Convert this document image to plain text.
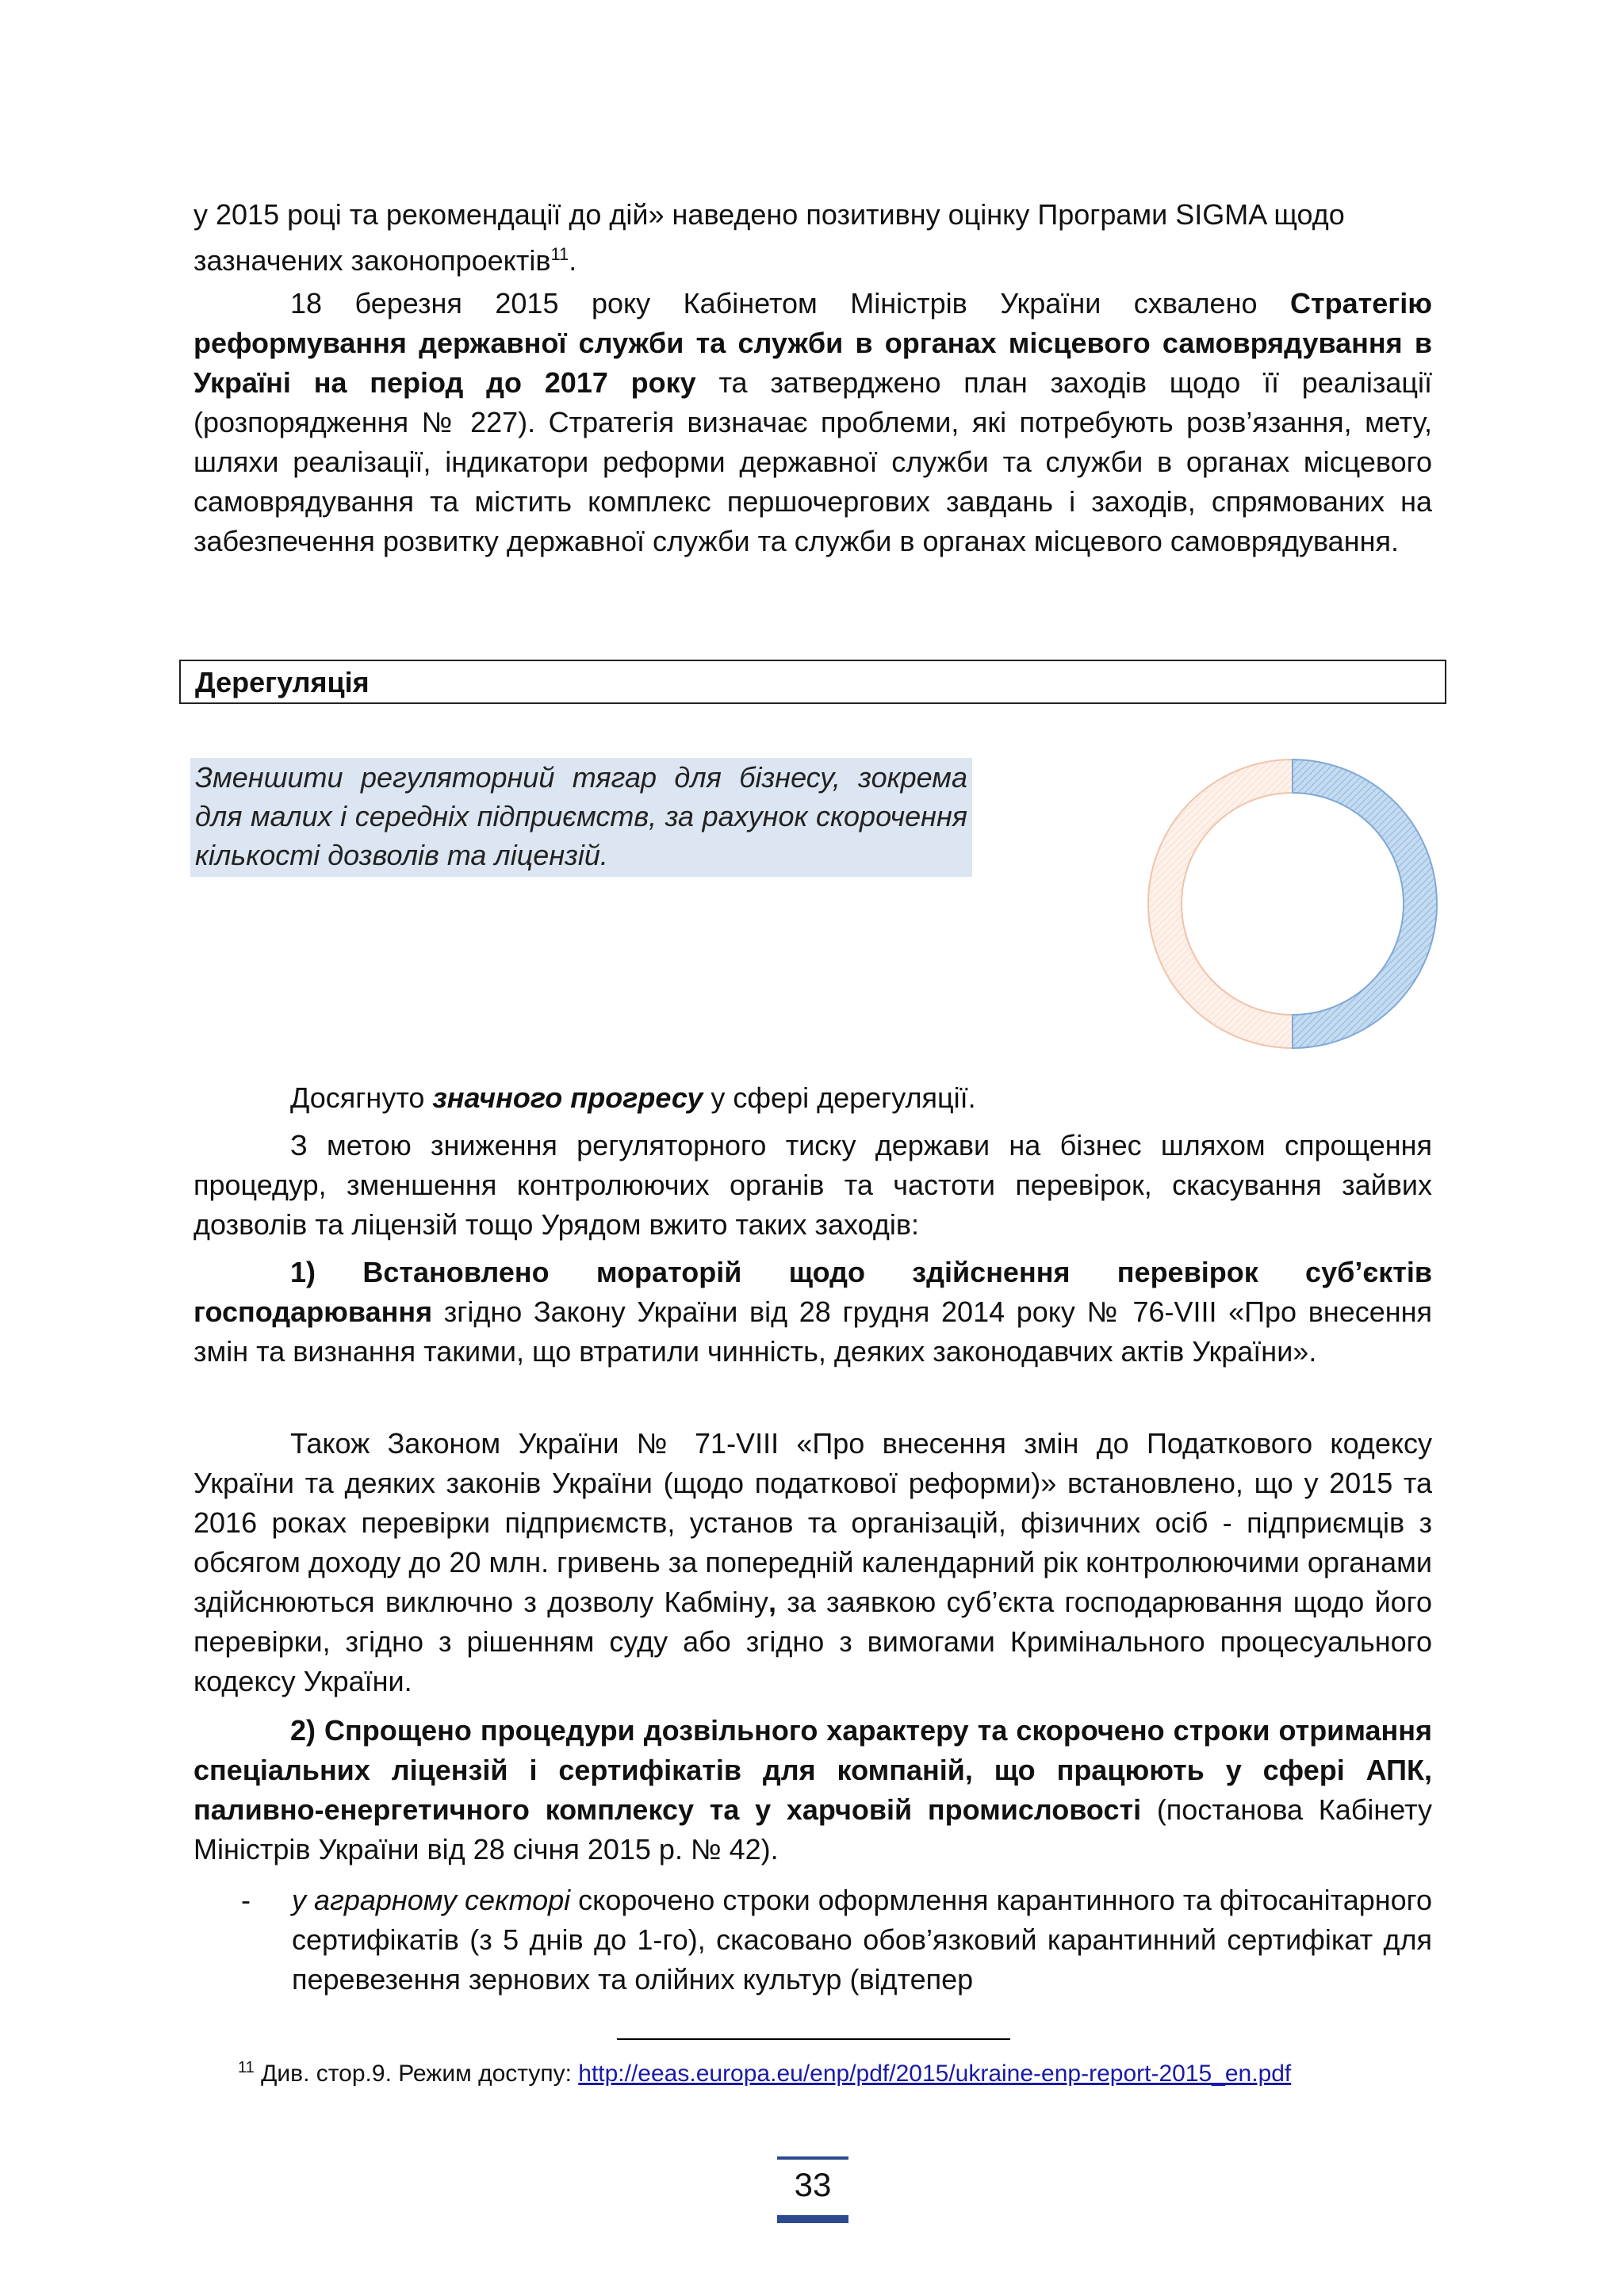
у 2015 році та рекомендації до дій» наведено позитивну оцінку Програми SIGMA щодо

зазначених законопроектів$^{11}$.

18 березня 2015 року Кабінетом Міністрів України схвалено Стратегію реформування державної служби та служби в органах місцевого самоврядування в Україні на період до 2017 року та затверджено план заходів щодо її реалізації (розпорядження № 227). Стратегія визначає проблеми, які потребують розв’язання, мету, шляхи реалізації, індикатори реформи державної служби та служби в органах місцевого самоврядування та містить комплекс першочергових завдань і заходів, спрямованих на забезпечення розвитку державної служби та служби в органах місцевого самоврядування.

Дерегуляція
Зменшити регуляторний тягар для бізнесу, зокрема для малих і середніх підприємств, за рахунок скорочення кількості дозволів та ліцензій.

Досягнуто значного прогресу у сфері дерегуляції.

З метою зниження регуляторного тиску держави на бізнес шляхом спрощення процедур, зменшення контролюючих органів та частоти перевірок, скасування зайвих дозволів та ліцензій тощо Урядом вжито таких заходів:

1) Встановлено мораторій щодо здійснення перевірок суб’єктів господарювання згідно Закону України від 28 грудня 2014 року № 76-VIII «Про внесення змін та визнання такими, що втратили чинність, деяких законодавчих актів України».

Також Законом України № 71-VIII «Про внесення змін до Податкового кодексу України та деяких законів України (щодо податкової реформи)» встановлено, що у 2015 та 2016 роках перевірки підприємств, установ та організацій, фізичних осіб - підприємців з обсягом доходу до 20 млн. гривень за попередній календарний рік контролюючими органами здійснюються виключно з дозволу Кабміну, за заявкою суб’єкта господарювання щодо його перевірки, згідно з рішенням суду або згідно з вимогами Кримінального процесуального кодексу України.

2) Спрощено процедури дозвільного характеру та скорочено строки отримання спеціальних ліцензій і сертифікатів для компаній, що працюють у сфері АПК, паливно-енергетичного комплексу та у харчовій промисловості (постанова Кабінету Міністрів України від 28 січня 2015 р. № 42).

- у аграрному секторі скорочено строки оформлення карантинного та фітосанітарного сертифікатів (з 5 днів до 1-го), скасовано обов’язковий карантинний сертифікат для перевезення зернових та олійних культур (відтепер

$^{11}$ Див. стор.9. Режим доступу: http://eeas.europa.eu/enp/pdf/2015/ukraine-enp-report-2015_en.pdf
33
